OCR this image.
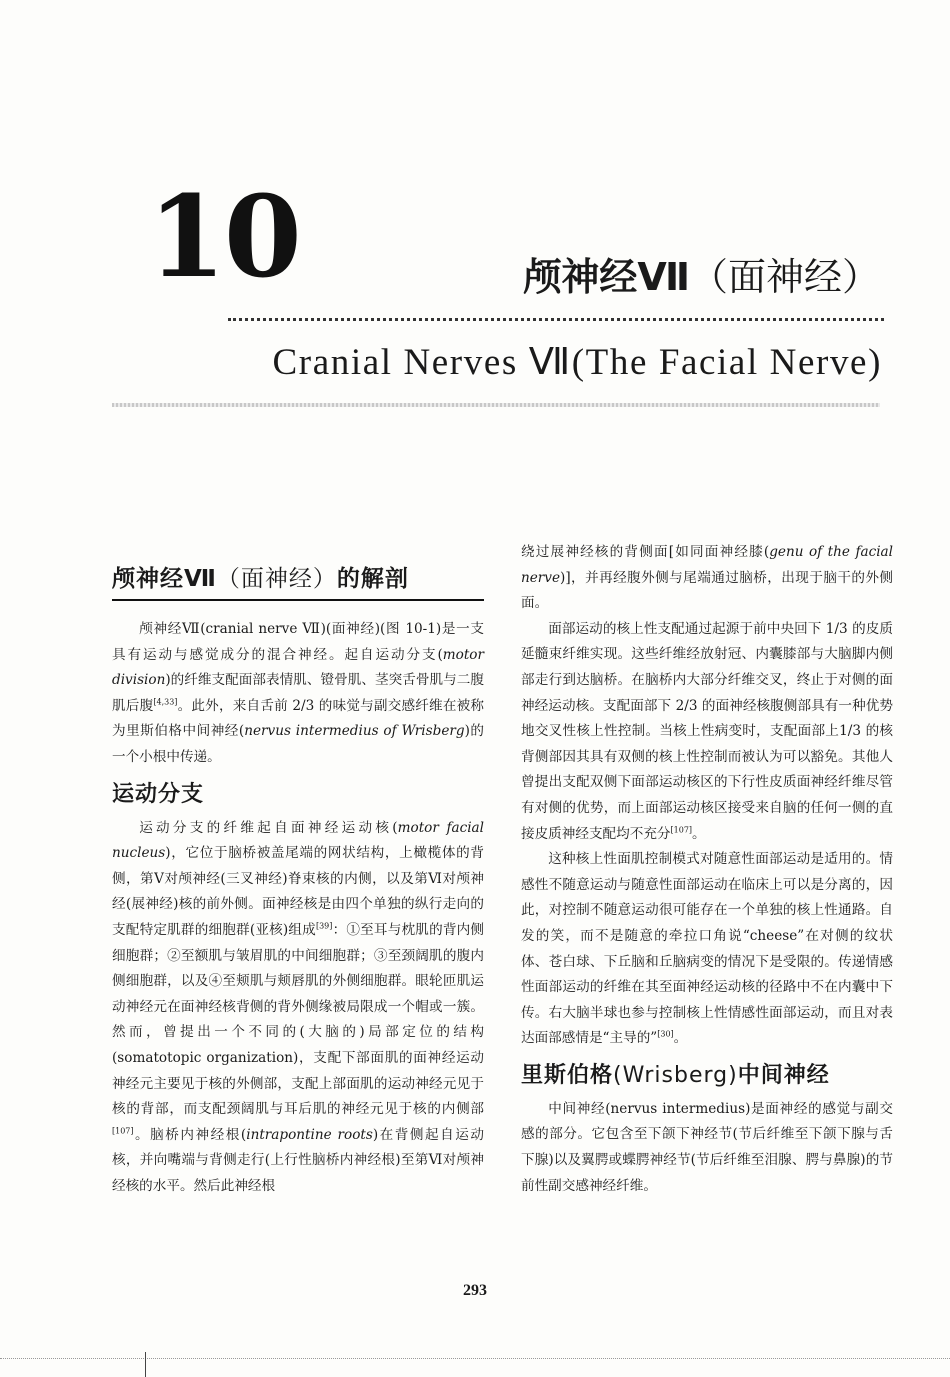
10	颅神经Ⅶ（面神经）
Cranial Nerves Ⅶ(The Facial Nerve)
颅神经Ⅶ（面神经）的解剖

颅神经Ⅶ(cranial nerve Ⅶ)(面神经)(图 10-1)是一支具有运动与感觉成分的混合神经。起自运动分支(motor division)的纤维支配面部表情肌、镫骨肌、茎突舌骨肌与二腹肌后腹[4,33]。此外，来自舌前 2/3 的味觉与副交感纤维在被称为里斯伯格中间神经(nervus intermedius of Wrisberg)的一个小根中传递。

运动分支

运动分支的纤维起自面神经运动核(motor facial nucleus)，它位于脑桥被盖尾端的网状结构，上橄榄体的背侧，第Ⅴ对颅神经(三叉神经)脊束核的内侧，以及第Ⅵ对颅神经(展神经)核的前外侧。面神经核是由四个单独的纵行走向的支配特定肌群的细胞群(亚核)组成[39]：①至耳与枕肌的背内侧细胞群；②至额肌与皱眉肌的中间细胞群；③至颈阔肌的腹内侧细胞群，以及④至颊肌与颊唇肌的外侧细胞群。眼轮匝肌运动神经元在面神经核背侧的背外侧缘被局限成一个帽或一簇。然而，曾提出一个不同的(大脑的)局部定位的结构(somatotopic organization)，支配下部面肌的面神经运动神经元主要见于核的外侧部，支配上部面肌的运动神经元见于核的背部，而支配颈阔肌与耳后肌的神经元见于核的内侧部[107]。脑桥内神经根(intrapontine roots)在背侧起自运动核，并向嘴端与背侧走行(上行性脑桥内神经根)至第Ⅵ对颅神经核的水平。然后此神经根

绕过展神经核的背侧面[如同面神经膝(genu of the facial nerve)]，并再经腹外侧与尾端通过脑桥，出现于脑干的外侧面。

面部运动的核上性支配通过起源于前中央回下 1/3 的皮质延髓束纤维实现。这些纤维经放射冠、内囊膝部与大脑脚内侧部走行到达脑桥。在脑桥内大部分纤维交叉，终止于对侧的面神经运动核。支配面部下 2/3 的面神经核腹侧部具有一种优势地交叉性核上性控制。当核上性病变时，支配面部上1/3 的核背侧部因其具有双侧的核上性控制而被认为可以豁免。其他人曾提出支配双侧下面部运动核区的下行性皮质面神经纤维尽管有对侧的优势，而上面部运动核区接受来自脑的任何一侧的直接皮质神经支配均不充分[107]。

这种核上性面肌控制模式对随意性面部运动是适用的。情感性不随意运动与随意性面部运动在临床上可以是分离的，因此，对控制不随意运动很可能存在一个单独的核上性通路。自发的笑，而不是随意的牵拉口角说“cheese”在对侧的纹状体、苍白球、下丘脑和丘脑病变的情况下是受限的。传递情感性面部运动的纤维在其至面神经运动核的径路中不在内囊中下传。右大脑半球也参与控制核上性情感性面部运动，而且对表达面部感情是“主导的”[30]。

里斯伯格(Wrisberg)中间神经

中间神经(nervus intermedius)是面神经的感觉与副交感的部分。它包含至下颌下神经节(节后纤维至下颌下腺与舌下腺)以及翼腭或蝶腭神经节(节后纤维至泪腺、腭与鼻腺)的节前性副交感神经纤维。

293
